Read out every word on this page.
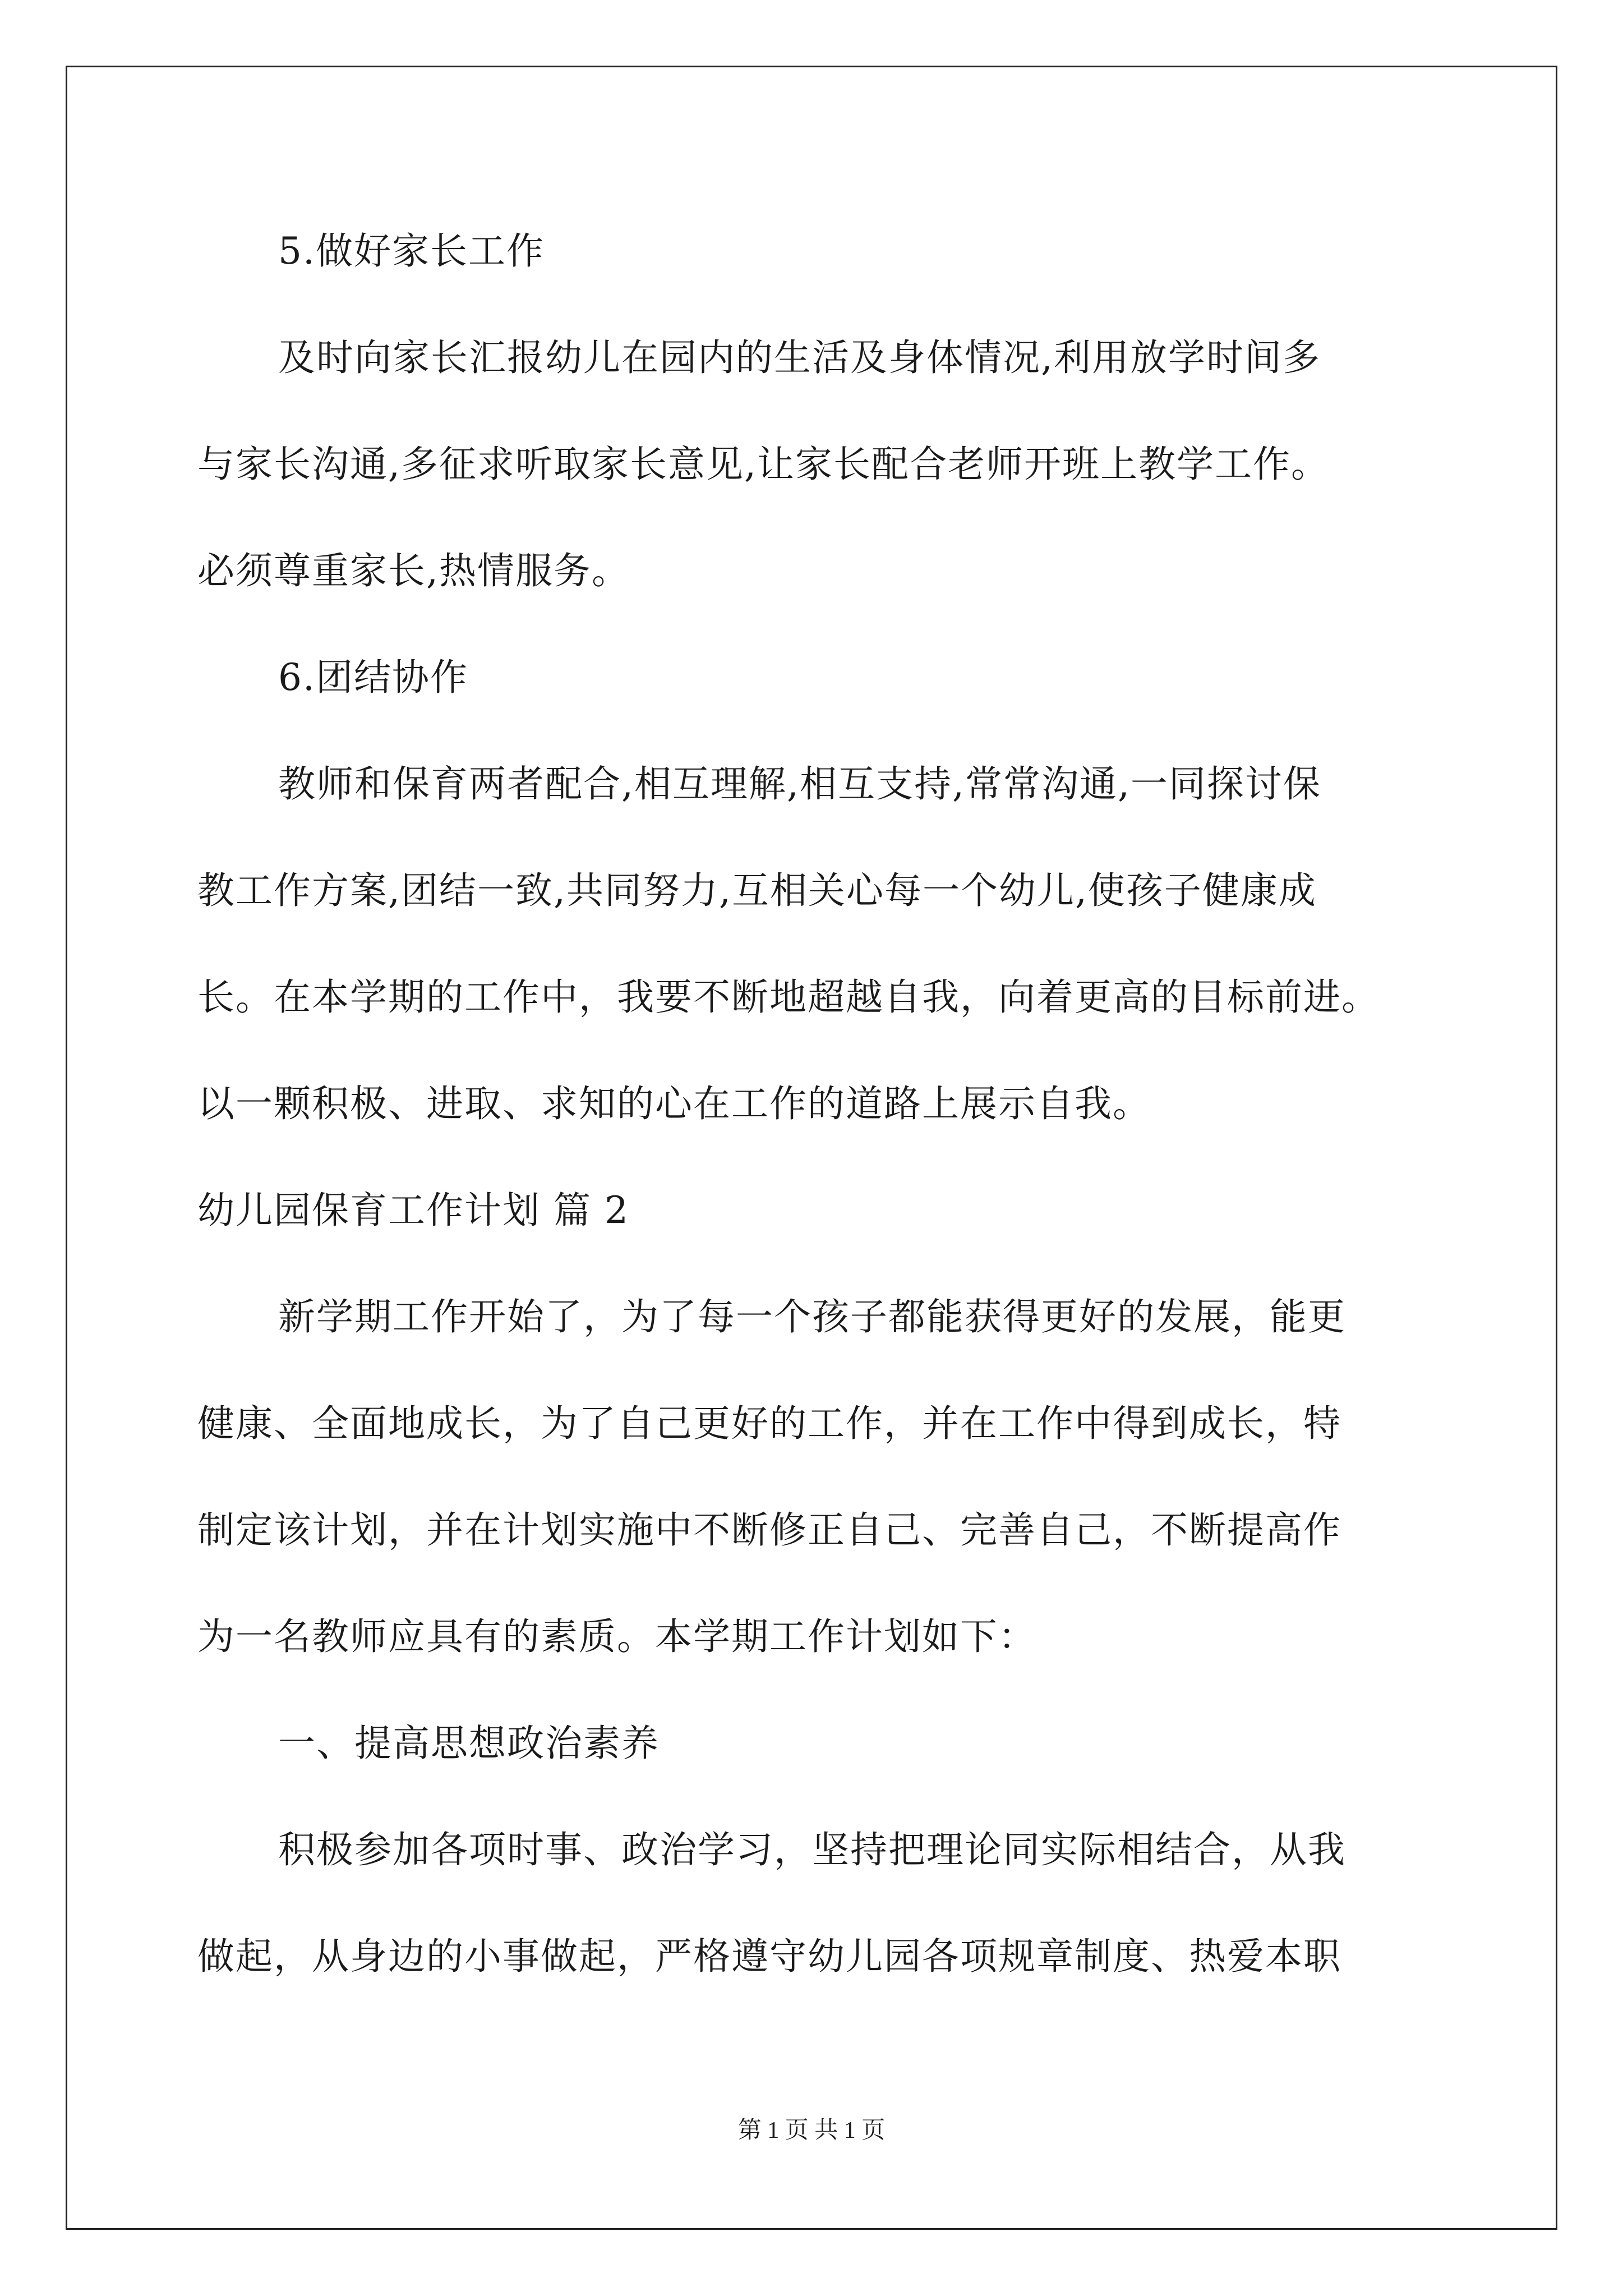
5.做好家长工作
及时向家长汇报幼儿在园内的生活及身体情况,利用放学时间多
与家长沟通,多征求听取家长意见,让家长配合老师开班上教学工作。
必须尊重家长,热情服务。
6.团结协作
教师和保育两者配合,相互理解,相互支持,常常沟通,一同探讨保
教工作方案,团结一致,共同努力,互相关心每一个幼儿,使孩子健康成
长。在本学期的工作中，我要不断地超越自我，向着更高的目标前进。
以一颗积极、进取、求知的心在工作的道路上展示自我。
幼儿园保育工作计划 篇 2
新学期工作开始了，为了每一个孩子都能获得更好的发展，能更
健康、全面地成长，为了自己更好的工作，并在工作中得到成长，特
制定该计划，并在计划实施中不断修正自己、完善自己，不断提高作
为一名教师应具有的素质。本学期工作计划如下：
一、提高思想政治素养
积极参加各项时事、政治学习，坚持把理论同实际相结合，从我
做起，从身边的小事做起，严格遵守幼儿园各项规章制度、热爱本职
第 1 页 共 1 页
